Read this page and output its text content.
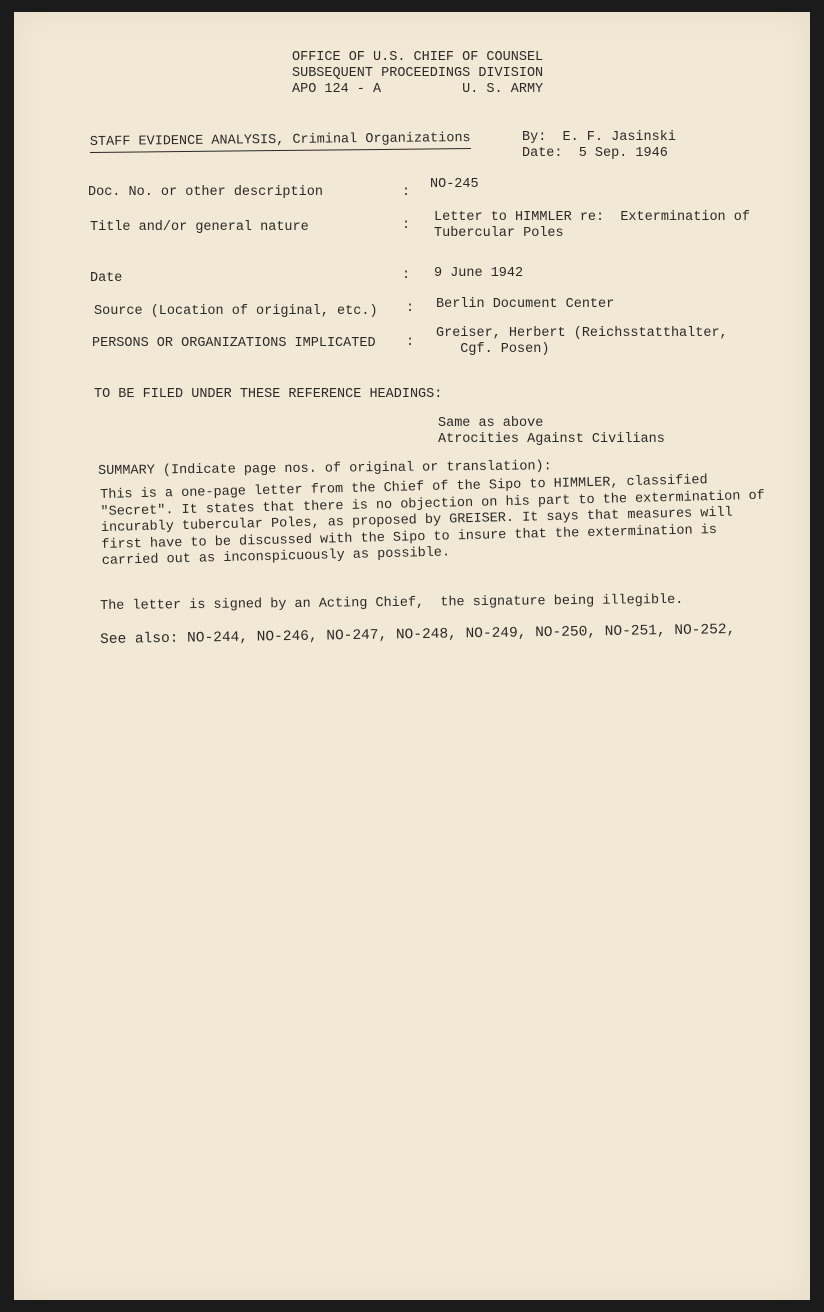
OFFICE OF U.S. CHIEF OF COUNSEL
SUBSEQUENT PROCEEDINGS DIVISION
APO 124 - A          U. S. ARMY
STAFF EVIDENCE ANALYSIS, Criminal Organizations	By:  E. F. Jasinski
Date:  5 Sep. 1946
Doc. No. or other description	:
NO-245
Title and/or general nature	:
Letter to HIMMLER re:  Extermination of
Tubercular Poles
Date	: 9 June 1942
Source (Location of original, etc.) : Berlin Document Center
PERSONS OR ORGANIZATIONS IMPLICATED :
Greiser, Herbert (Reichsstatthalter,
Cgf. Posen)
TO BE FILED UNDER THESE REFERENCE HEADINGS:
Same as above
Atrocities Against Civilians
SUMMARY (Indicate page nos. of original or translation):
This is a one-page letter from the Chief of the Sipo to HIMMLER, classified "Secret". It states that there is no objection on his part to the extermination of incurably tubercular Poles, as proposed by GREISER. It says that measures will first have to be discussed with the Sipo to insure that the extermination is carried out as inconspicuously as possible.
The letter is signed by an Acting Chief,  the signature being illegible.
See also: NO-244, NO-246, NO-247, NO-248, NO-249, NO-250, NO-251, NO-252,
